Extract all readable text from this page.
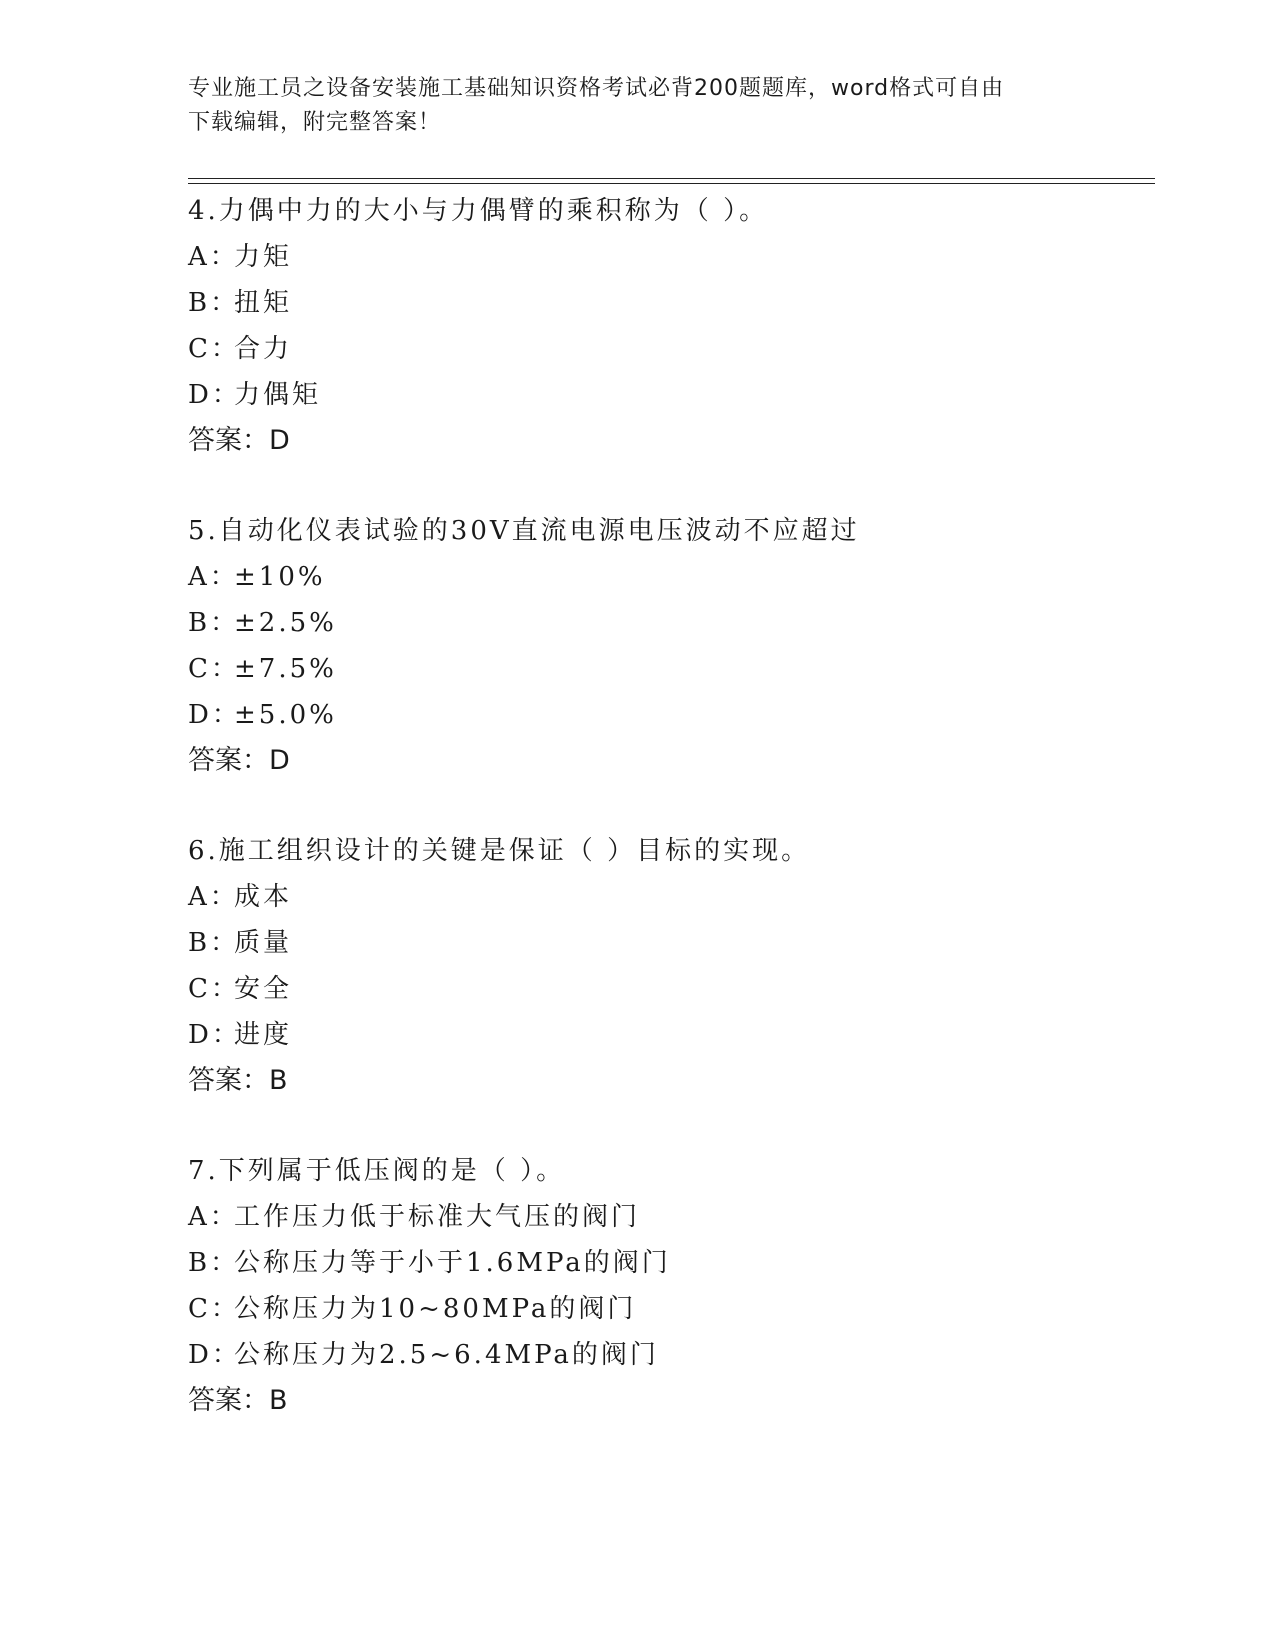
专业施工员之设备安装施工基础知识资格考试必背200题题库，word格式可自由
下载编辑，附完整答案！
4.力偶中力的大小与力偶臂的乘积称为（ ）。
A：力矩
B：扭矩
C：合力
D：力偶矩
答案：D
5.自动化仪表试验的30V直流电源电压波动不应超过
A：±10%
B：±2.5%
C：±7.5%
D：±5.0%
答案：D
6.施工组织设计的关键是保证（ ）目标的实现。
A：成本
B：质量
C：安全
D：进度
答案：B
7.下列属于低压阀的是（ ）。
A：工作压力低于标准大气压的阀门
B：公称压力等于小于1.6MPa的阀门
C：公称压力为10~80MPa的阀门
D：公称压力为2.5~6.4MPa的阀门
答案：B
